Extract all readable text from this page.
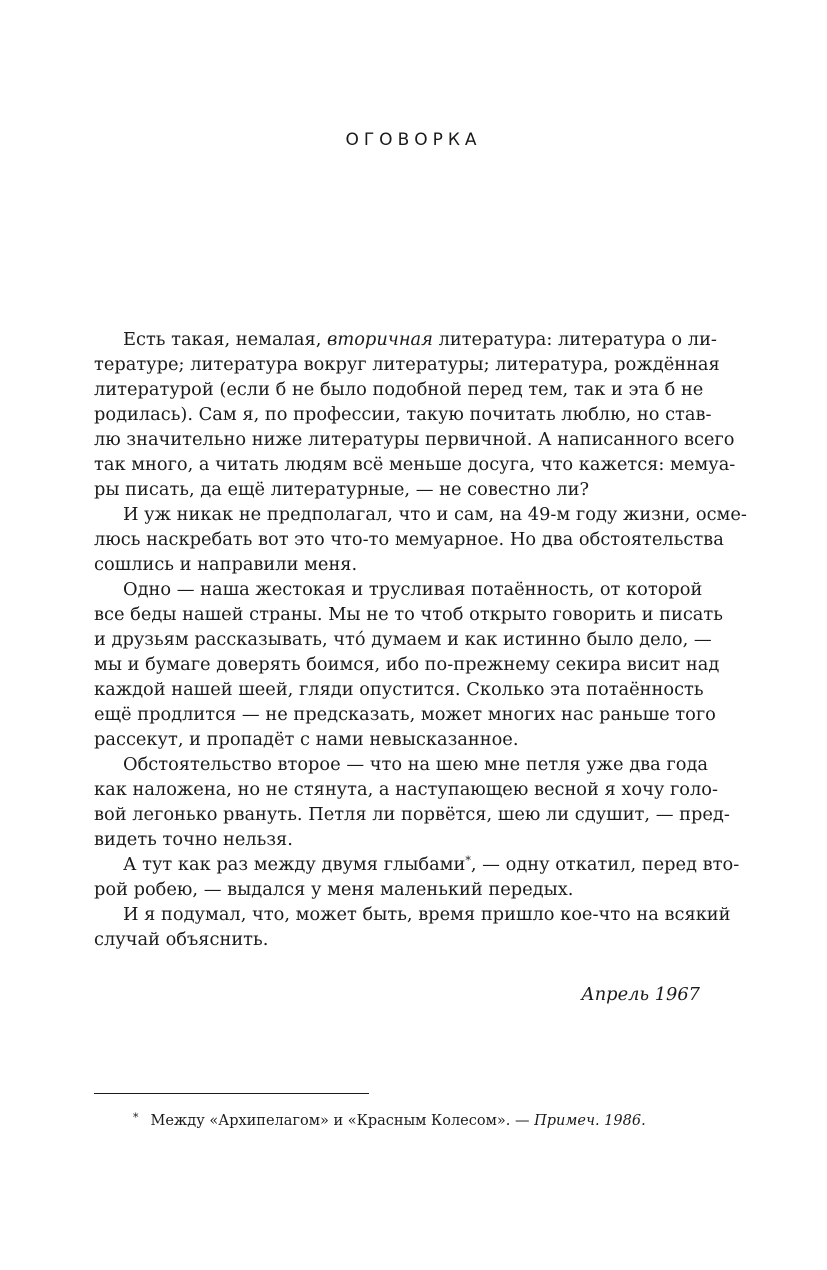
ОГОВОРКА
Есть такая, немалая, вторичная литература: литература о ли-
тературе; литература вокруг литературы; литература, рождённая
литературой (если б не было подобной перед тем, так и эта б не
родилась). Сам я, по профессии, такую почитать люблю, но став-
лю значительно ниже литературы первичной. А написанного всего
так много, а читать людям всё меньше досуга, что кажется: мемуа-
ры писать, да ещё литературные, — не совестно ли?
И уж никак не предполагал, что и сам, на 49-м году жизни, осме-
люсь наскребать вот это что-то мемуарное. Но два обстоятельства
сошлись и направили меня.
Одно — наша жестокая и трусливая потаённость, от которой
все беды нашей страны. Мы не то чтоб открыто говорить и писать
и друзьям рассказывать, что́ думаем и как истинно было дело, —
мы и бумаге доверять боимся, ибо по-прежнему секира висит над
каждой нашей шеей, гляди опустится. Сколько эта потаённость
ещё продлится — не предсказать, может многих нас раньше того
рассекут, и пропадёт с нами невысказанное.
Обстоятельство второе — что на шею мне петля уже два года
как наложена, но не стянута, а наступающею весной я хочу голо-
вой легонько рвануть. Петля ли порвётся, шею ли сдушит, — пред-
видеть точно нельзя.
А тут как раз между двумя глыбами*, — одну откатил, перед вто-
рой робею, — выдался у меня маленький передых.
И я подумал, что, может быть, время пришло кое-что на всякий
случай объяснить.
Апрель 1967
* Между «Архипелагом» и «Красным Колесом». — Примеч. 1986.
